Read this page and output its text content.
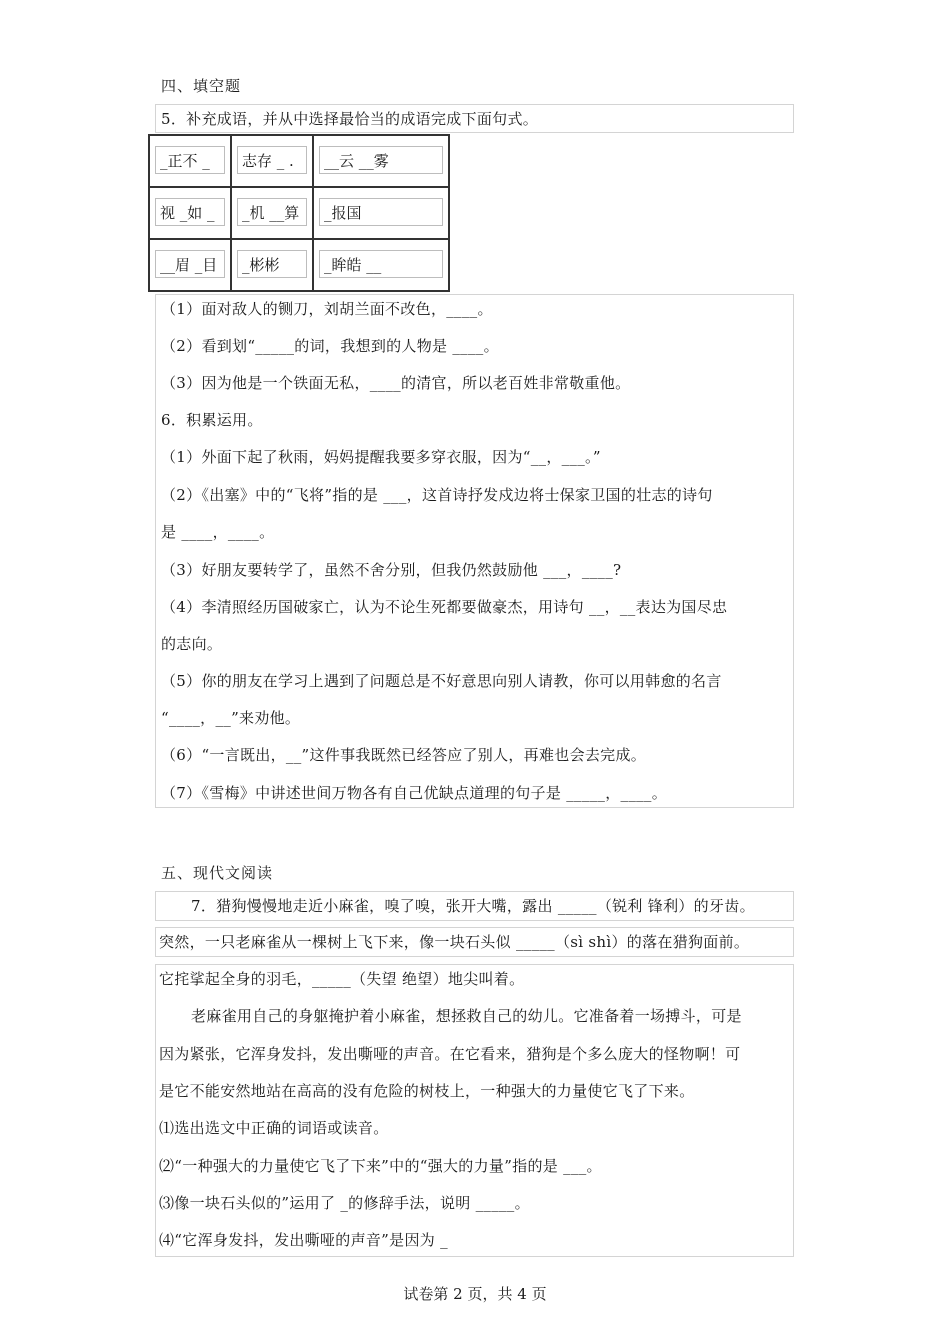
四、填空题
5．补充成语，并从中选择最恰当的成语完成下面句式。
_正不 _	志存 _ .	__云 __雾

视 _如 _	_机 __算	_报国

__眉 _目	_彬彬	_眸皓 __
（1）面对敌人的铡刀，刘胡兰面不改色，____。
（2）看到划“_____的词，我想到的人物是 ____。
（3）因为他是一个铁面无私，____的清官，所以老百姓非常敬重他。
6．积累运用。
（1）外面下起了秋雨，妈妈提醒我要多穿衣服，因为“__，___。”
（2）《出塞》中的“飞将”指的是 ___，这首诗抒发戍边将士保家卫国的壮志的诗句
是 ____，____。
（3）好朋友要转学了，虽然不舍分别，但我仍然鼓励他 ___，____?
（4）李清照经历国破家亡，认为不论生死都要做豪杰，用诗句 __，__表达为国尽忠
的志向。
（5）你的朋友在学习上遇到了问题总是不好意思向别人请教，你可以用韩愈的名言
“____，__”来劝他。
（6）“一言既出，__”这件事我既然已经答应了别人，再难也会去完成。
（7）《雪梅》中讲述世间万物各有自己优缺点道理的句子是 _____，____。
五、现代文阅读
7．猎狗慢慢地走近小麻雀，嗅了嗅，张开大嘴，露出 _____（锐利 锋利）的牙齿。
突然，一只老麻雀从一棵树上飞下来，像一块石头似 _____（sì shì）的落在猎狗面前。
它挓挲起全身的羽毛，_____（失望 绝望）地尖叫着。
老麻雀用自己的身躯掩护着小麻雀，想拯救自己的幼儿。它准备着一场搏斗，可是
因为紧张，它浑身发抖，发出嘶哑的声音。在它看来，猎狗是个多么庞大的怪物啊！可
是它不能安然地站在高高的没有危险的树枝上，一种强大的力量使它飞了下来。
⑴选出选文中正确的词语或读音。
⑵“一种强大的力量使它飞了下来”中的“强大的力量”指的是 ___。
⑶像一块石头似的”运用了 _的修辞手法，说明 _____。
⑷“它浑身发抖，发出嘶哑的声音”是因为 _
试卷第 2 页，共 4 页
